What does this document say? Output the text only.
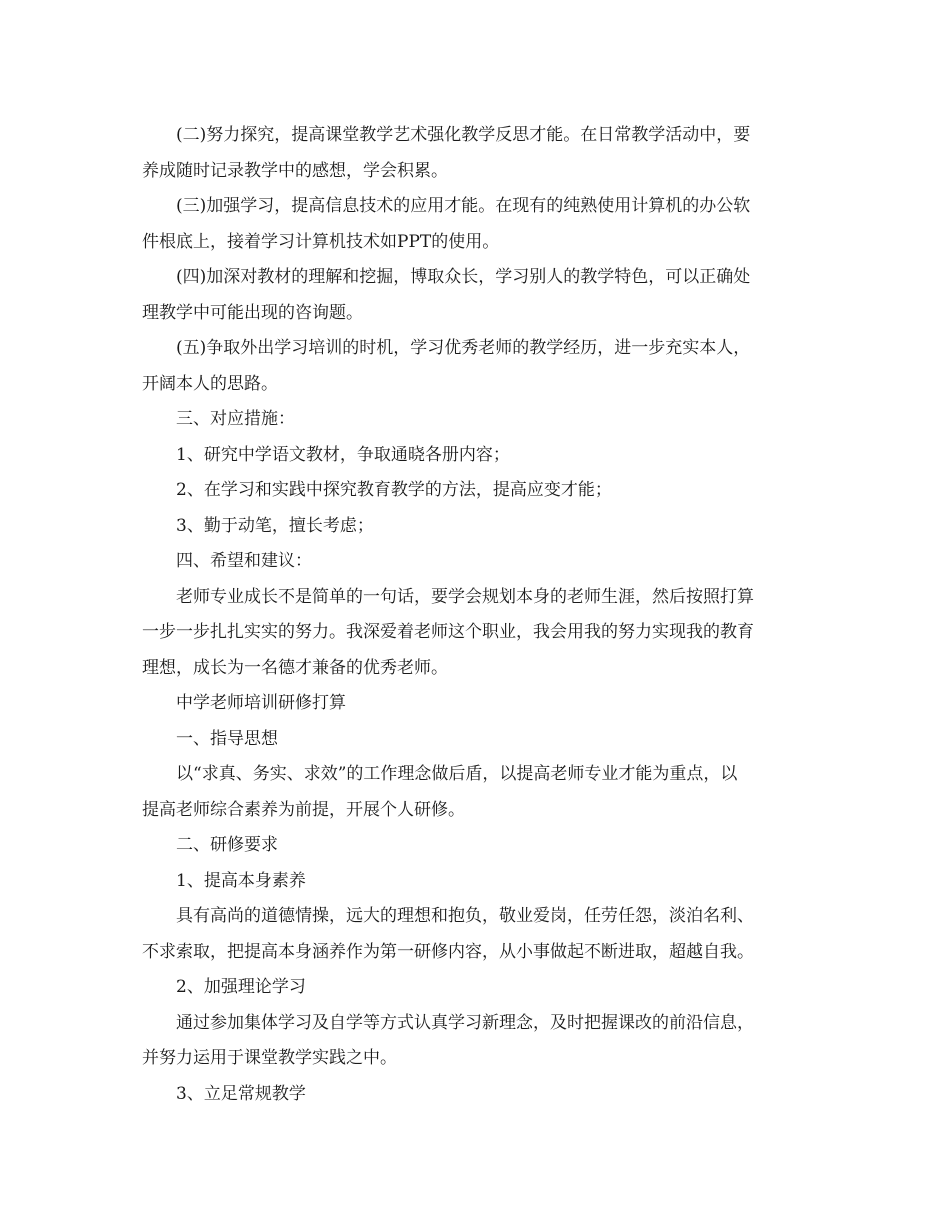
(二)努力探究，提高课堂教学艺术强化教学反思才能。在日常教学活动中，要
养成随时记录教学中的感想，学会积累。
(三)加强学习，提高信息技术的应用才能。在现有的纯熟使用计算机的办公软
件根底上，接着学习计算机技术如PPT的使用。
(四)加深对教材的理解和挖掘，博取众长，学习别人的教学特色，可以正确处
理教学中可能出现的咨询题。
(五)争取外出学习培训的时机，学习优秀老师的教学经历，进一步充实本人，
开阔本人的思路。
三、对应措施：
1、研究中学语文教材，争取通晓各册内容；
2、在学习和实践中探究教育教学的方法，提高应变才能；
3、勤于动笔，擅长考虑；
四、希望和建议：
老师专业成长不是简单的一句话，要学会规划本身的老师生涯，然后按照打算
一步一步扎扎实实的努力。我深爱着老师这个职业，我会用我的努力实现我的教育
理想，成长为一名德才兼备的优秀老师。
中学老师培训研修打算
一、指导思想
以“求真、务实、求效”的工作理念做后盾，以提高老师专业才能为重点，以
提高老师综合素养为前提，开展个人研修。
二、研修要求
1、提高本身素养
具有高尚的道德情操，远大的理想和抱负，敬业爱岗，任劳任怨，淡泊名利、
不求索取，把提高本身涵养作为第一研修内容，从小事做起不断进取，超越自我。
2、加强理论学习
通过参加集体学习及自学等方式认真学习新理念，及时把握课改的前沿信息，
并努力运用于课堂教学实践之中。
3、立足常规教学
